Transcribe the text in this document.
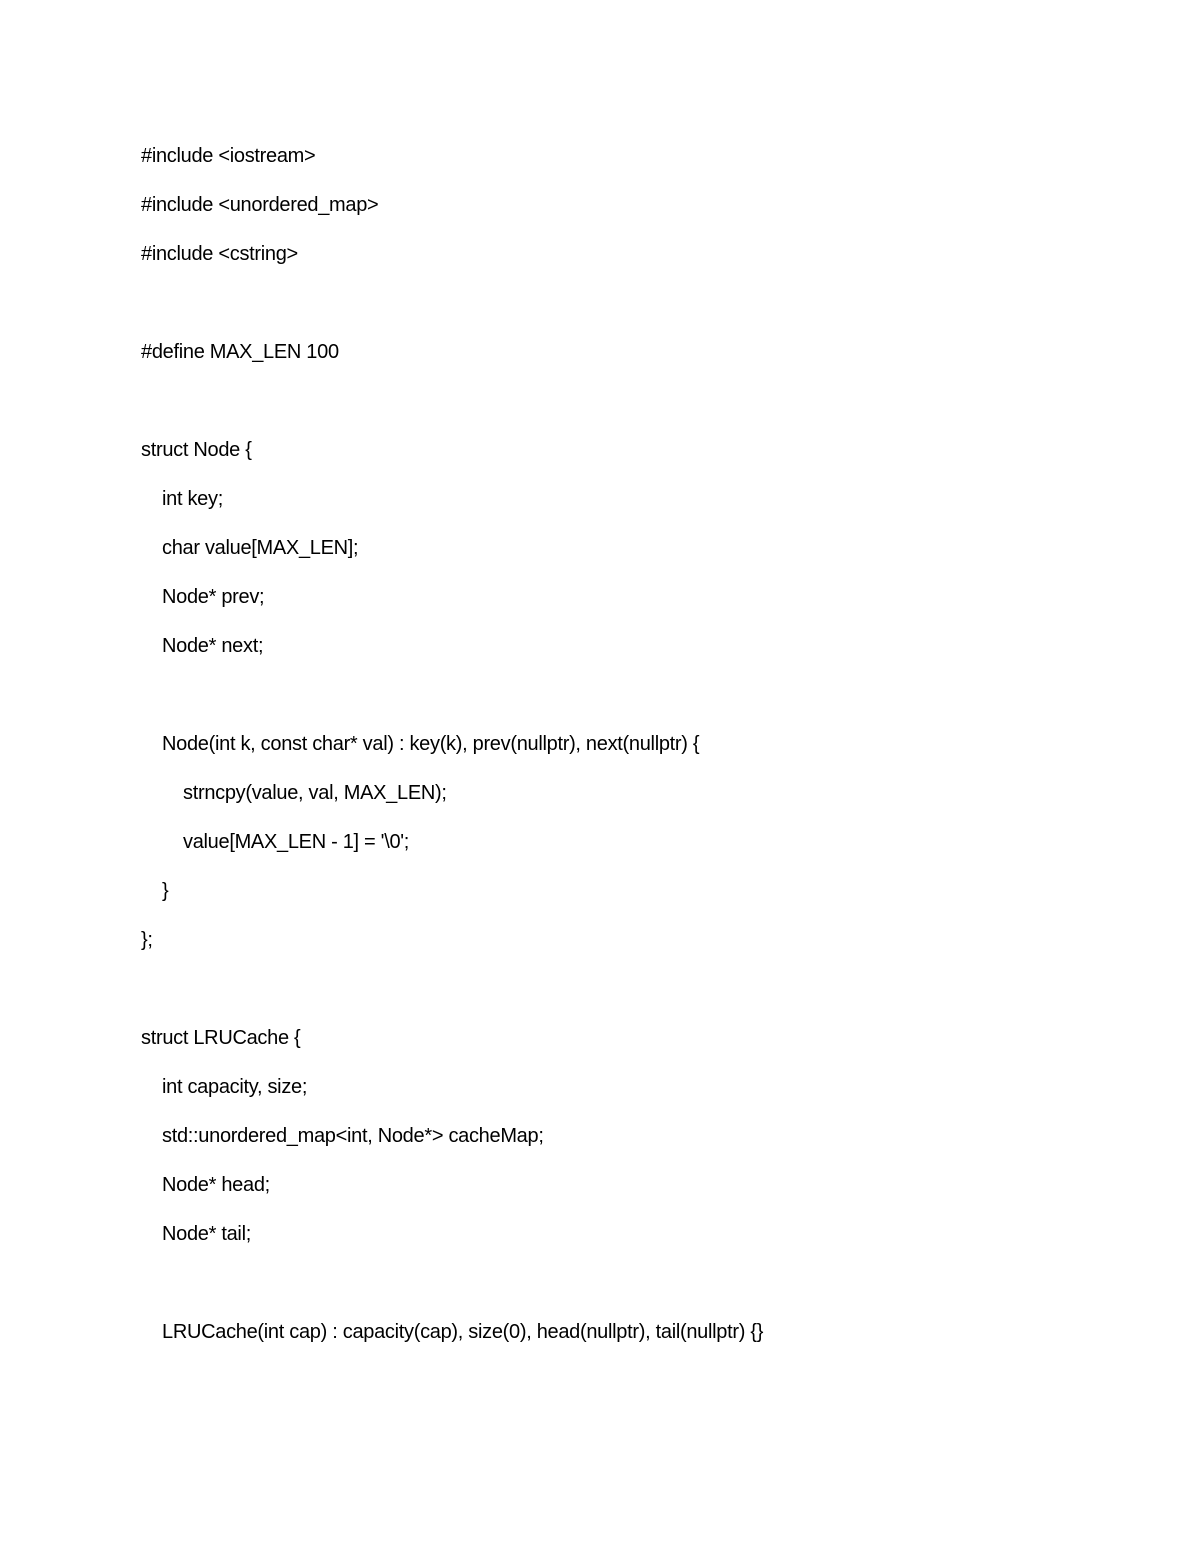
#include <iostream>
#include <unordered_map>
#include <cstring>
#define MAX_LEN 100
struct Node {
int key;
char value[MAX_LEN];
Node* prev;
Node* next;
Node(int k, const char* val) : key(k), prev(nullptr), next(nullptr) {
strncpy(value, val, MAX_LEN);
value[MAX_LEN - 1] = '\0';
}
};
struct LRUCache {
int capacity, size;
std::unordered_map<int, Node*> cacheMap;
Node* head;
Node* tail;
LRUCache(int cap) : capacity(cap), size(0), head(nullptr), tail(nullptr) {}
